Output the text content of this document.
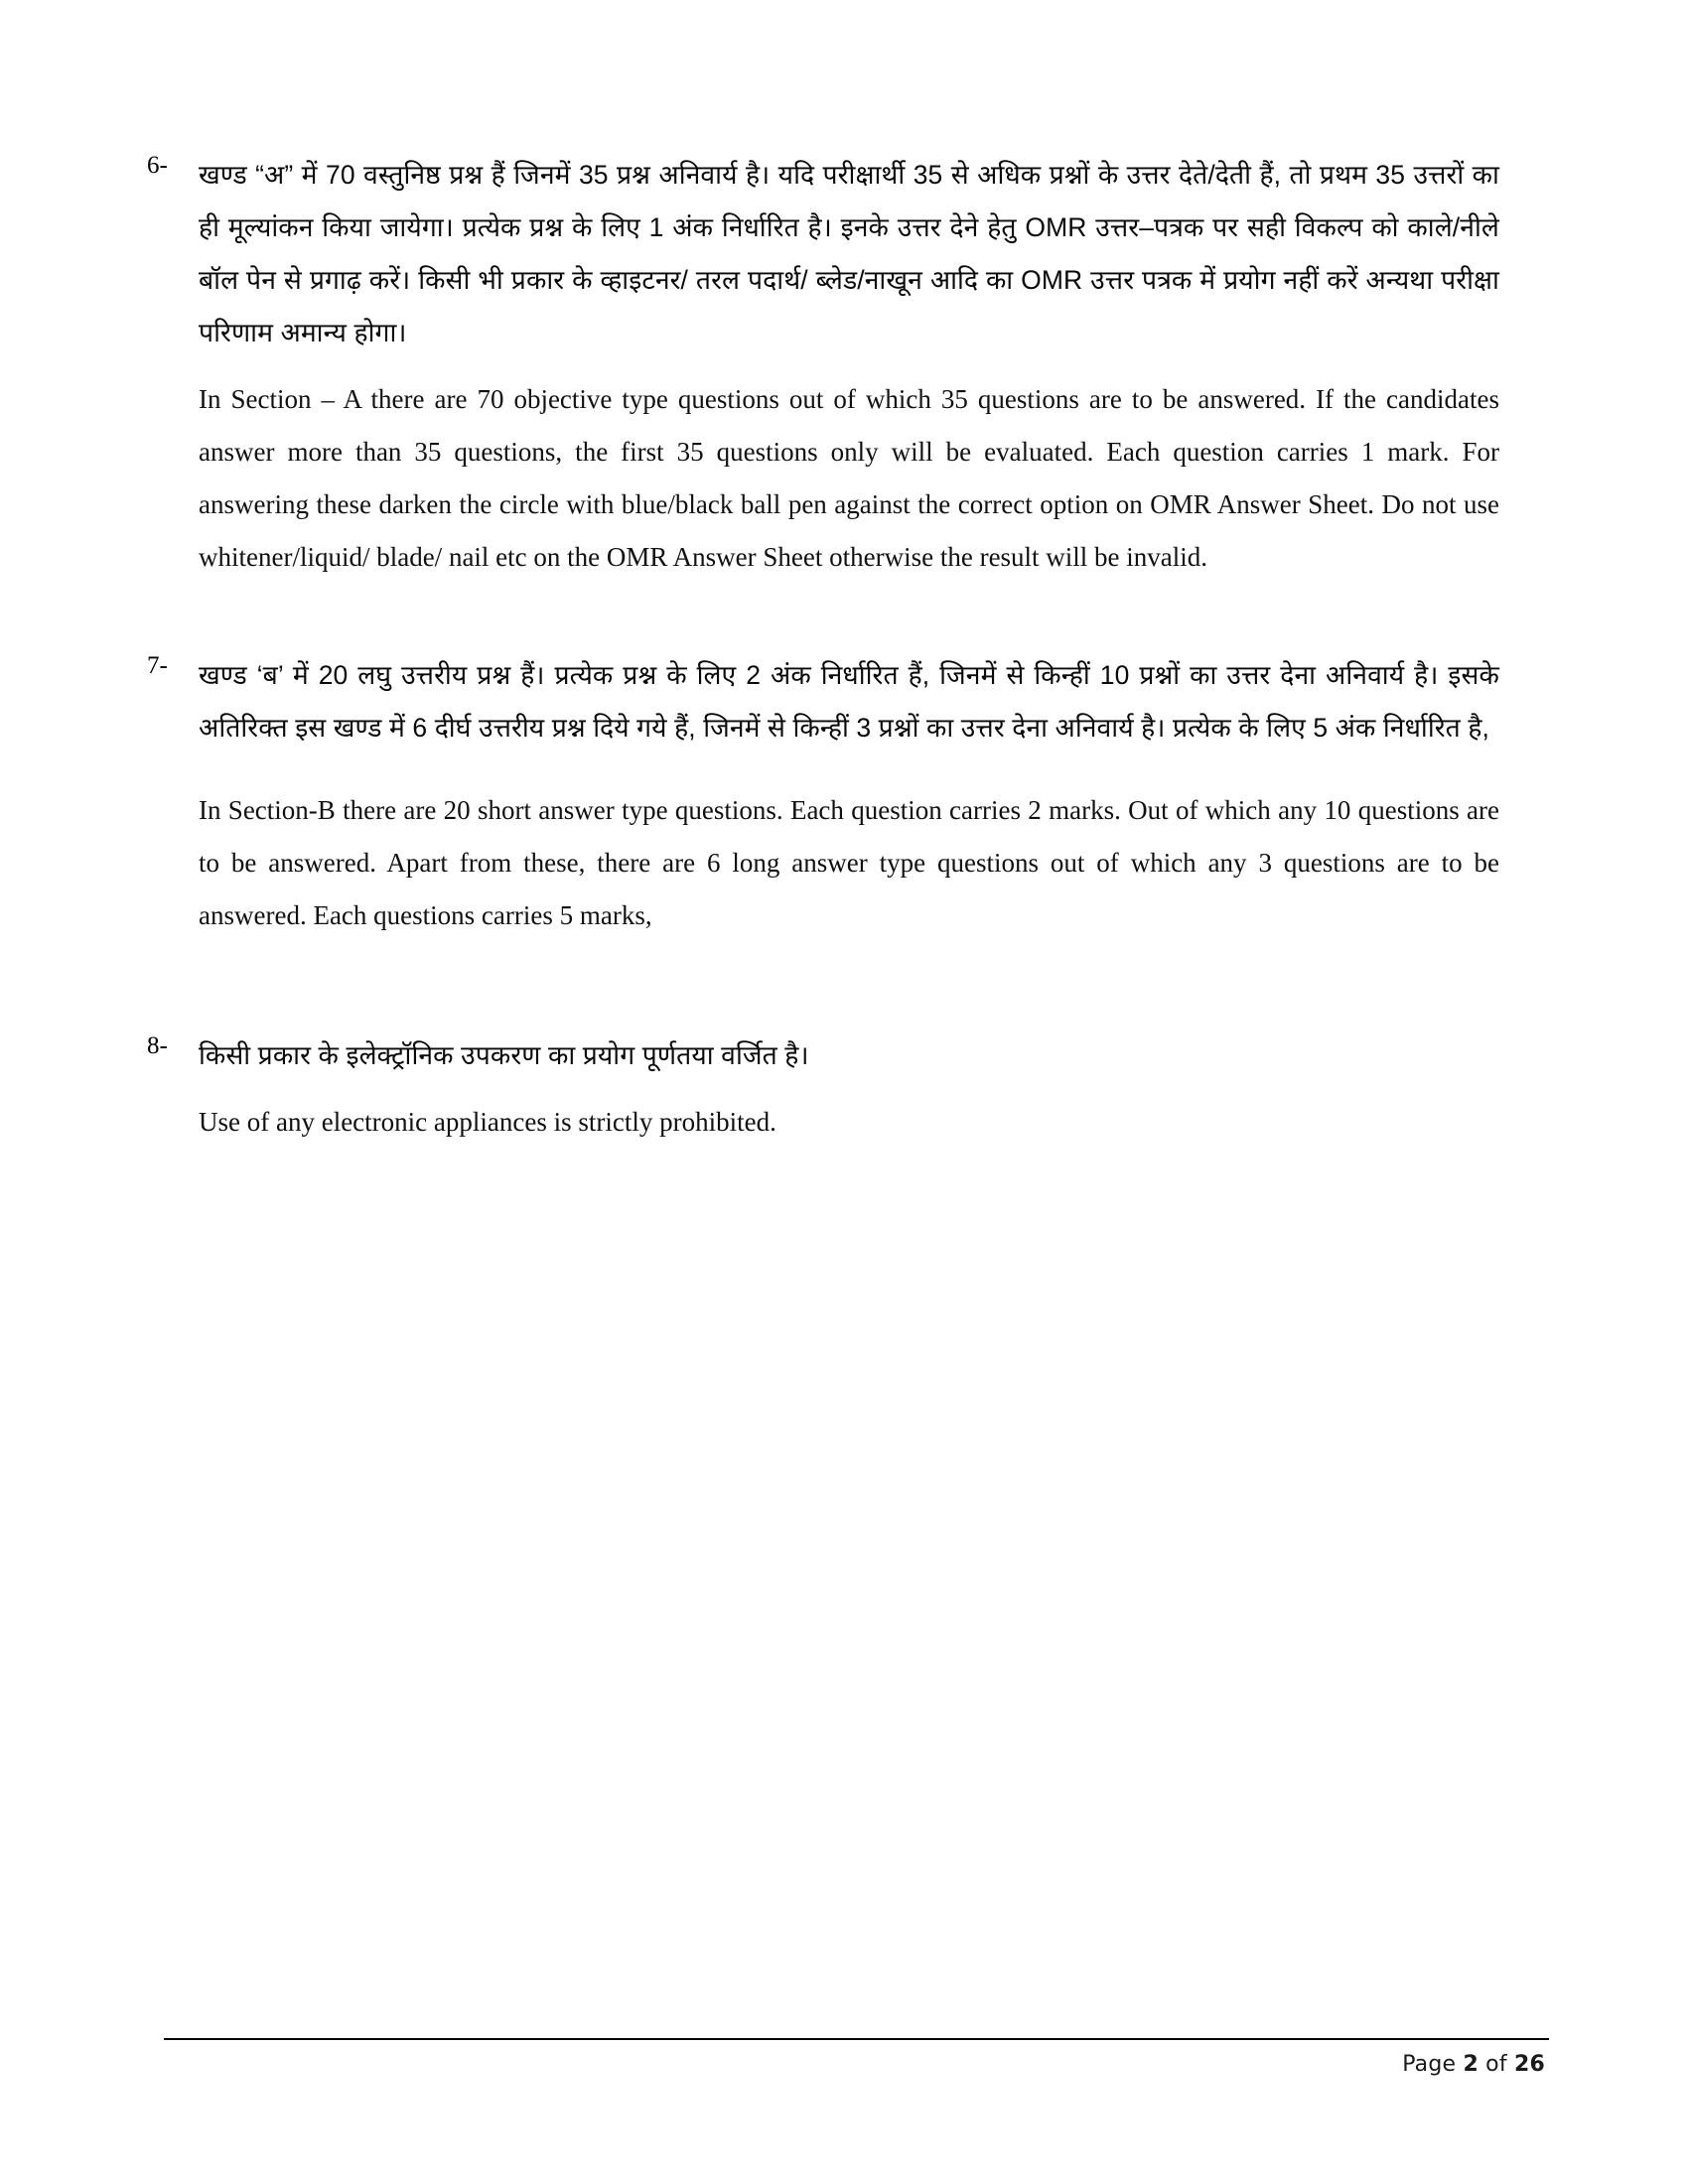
6-	खण्ड “अ” में 70 वस्तुनिष्ठ प्रश्न हैं जिनमें 35 प्रश्न अनिवार्य है। यदि परीक्षार्थी 35 से अधिक प्रश्नों के उत्तर देते/देती हैं, तो प्रथम 35 उत्तरों का ही मूल्यांकन किया जायेगा। प्रत्येक प्रश्न के लिए 1 अंक निर्धारित है। इनके उत्तर देने हेतु OMR उत्तर–पत्रक पर सही विकल्प को काले/नीले बॉल पेन से प्रगाढ़ करें। किसी भी प्रकार के व्हाइटनर/ तरल पदार्थ/ ब्लेड/नाखून आदि का OMR उत्तर पत्रक में प्रयोग नहीं करें अन्यथा परीक्षा परिणाम अमान्य होगा।

In Section – A there are 70 objective type questions out of which 35 questions are to be answered. If the candidates answer more than 35 questions, the first 35 questions only will be evaluated. Each question carries 1 mark. For answering these darken the circle with blue/black ball pen against the correct option on OMR Answer Sheet. Do not use whitener/liquid/ blade/ nail etc on the OMR Answer Sheet otherwise the result will be invalid.

7-	खण्ड ‘ब’ में 20 लघु उत्तरीय प्रश्न हैं। प्रत्येक प्रश्न के लिए 2 अंक निर्धारित हैं, जिनमें से किन्हीं 10 प्रश्नों का उत्तर देना अनिवार्य है। इसके अतिरिक्त इस खण्ड में 6 दीर्घ उत्तरीय प्रश्न दिये गये हैं, जिनमें से किन्हीं 3 प्रश्नों का उत्तर देना अनिवार्य है। प्रत्येक के लिए 5 अंक निर्धारित है,

In Section-B there are 20 short answer type questions. Each question carries 2 marks. Out of which any 10 questions are to be answered. Apart from these, there are 6 long answer type questions out of which any 3 questions are to be answered. Each questions carries 5 marks,

8-	किसी प्रकार के इलेक्ट्रॉनिक उपकरण का प्रयोग पूर्णतया वर्जित है।

Use of any electronic appliances is strictly prohibited.

Page 2 of 26
